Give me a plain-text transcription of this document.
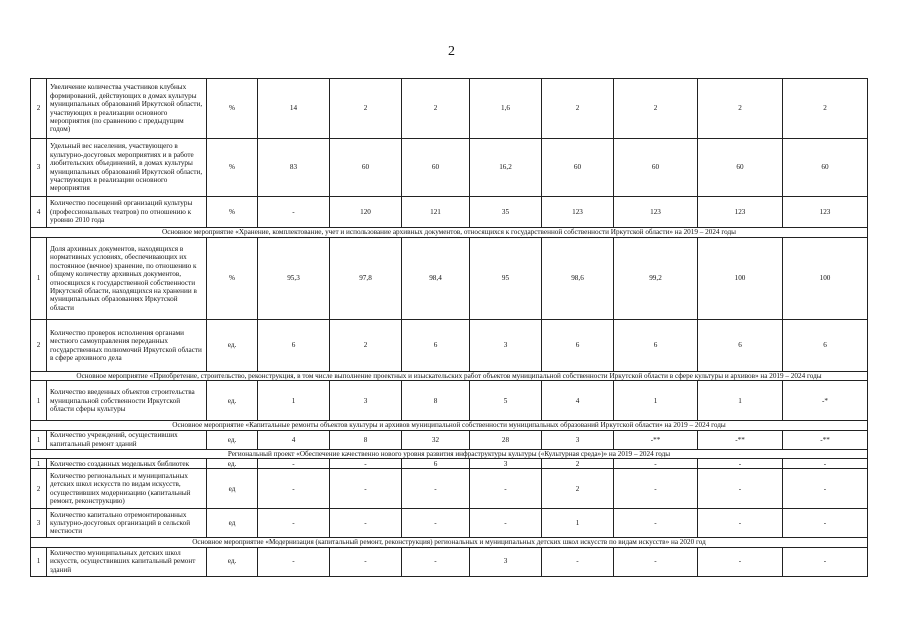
2
2	Увеличение количества участников клубных формирований, действующих в домах культуры муниципальных образований Иркутской области, участвующих в реализации основного мероприятия (по сравнению с предыдущим годом)	%	14	2	2	1,6	2	2	2	2
3	Удельный вес населения, участвующего в культурно-досуговых мероприятиях и в работе любительских объединений, в домах культуры муниципальных образований Иркутской области, участвующих в реализации основного мероприятия	%	83	60	60	16,2	60	60	60	60
4	Количество посещений организаций культуры (профессиональных театров) по отношению к уровню 2010 года	%	-	120	121	35	123	123	123	123
Основное мероприятие «Хранение, комплектование, учет и использование архивных документов, относящихся к государственной собственности Иркутской области» на 2019 – 2024 годы										
1	Доля архивных документов, находящихся в нормативных условиях, обеспечивающих их постоянное (вечное) хранение, по отношению к общему количеству архивных документов, относящихся к государственной собственности Иркутской области, находящихся на хранении в муниципальных образованиях Иркутской области	%	95,3	97,8	98,4	95	98,6	99,2	100	100
2	Количество проверок исполнения органами местного самоуправления переданных государственных полномочий Иркутской области в сфере архивного дела	ед.	6	2	6	3	6	6	6	6
Основное мероприятие «Приобретение, строительство, реконструкция, в том числе выполнение проектных и изыскательских работ объектов муниципальной собственности Иркутской области в сфере культуры и архивов» на 2019 – 2024 годы										
1	Количество введенных объектов строительства муниципальной собственности Иркутской области сферы культуры	ед.	1	3	8	5	4	1	1	-*
Основное мероприятие «Капитальные ремонты объектов культуры и архивов муниципальной собственности муниципальных образований Иркутской области» на 2019 – 2024 годы										
1	Количество учреждений, осуществивших капитальный ремонт зданий	ед.	4	8	32	28	3	-**	-**	-**
Региональный проект «Обеспечение качественно нового уровня развития инфраструктуры культуры («Культурная среда»)» на 2019 – 2024 годы										
1	Количество созданных модельных библиотек	ед.	-	-	6	3	2	-	-	-
2	Количество региональных и муниципальных детских школ искусств по видам искусств, осуществивших модернизацию (капитальный ремонт, реконструкцию)	ед	-	-	-	-	2	-	-	-
3	Количество капитально отремонтированных культурно-досуговых организаций в сельской местности	ед	-	-	-	-	1	-	-	-
Основное мероприятие «Модернизация (капитальный ремонт, реконструкция) региональных и муниципальных детских школ искусств по видам искусств» на 2020 год										
1	Количество муниципальных детских школ искусств, осуществивших капитальный ремонт зданий	ед.	-	-	-	3	-	-	-	-
